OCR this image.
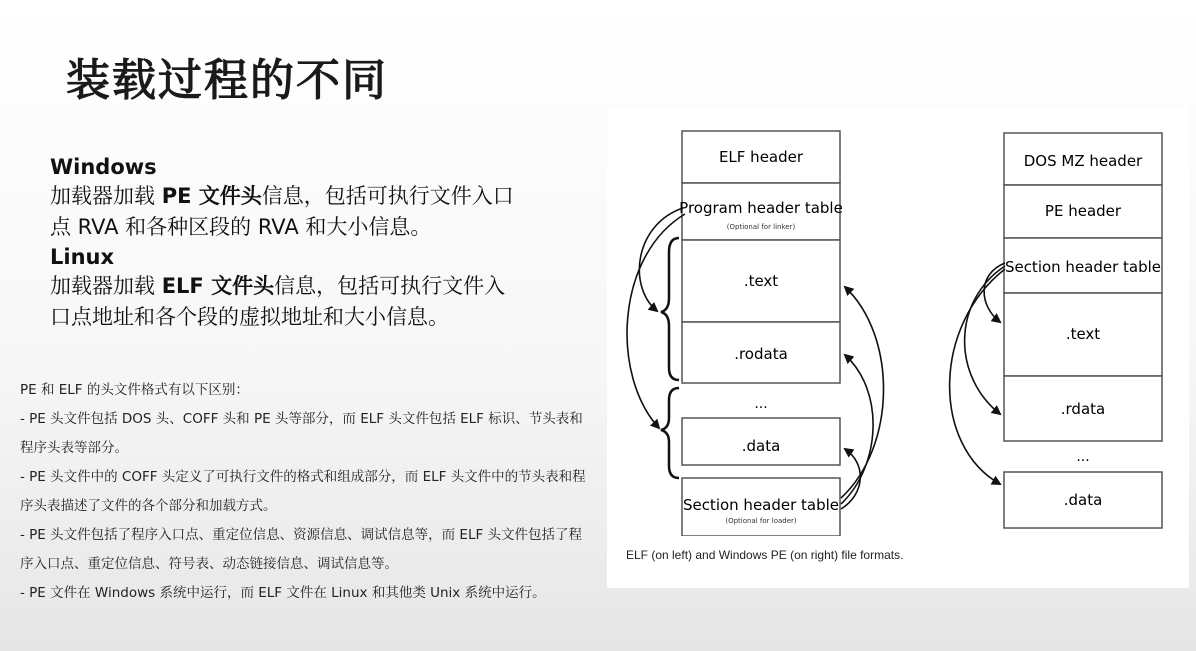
装载过程的不同
Windows
加载器加载 PE 文件头信息，包括可执行文件入口点 RVA 和各种区段的 RVA 和大小信息。
Linux
加载器加载 ELF 文件头信息，包括可执行文件入口点地址和各个段的虚拟地址和大小信息。

PE 和 ELF 的头文件格式有以下区别：

- PE 头文件包括 DOS 头、COFF 头和 PE 头等部分，而 ELF 头文件包括 ELF 标识、节头表和程序头表等部分。

- PE 头文件中的 COFF 头定义了可执行文件的格式和组成部分，而 ELF 头文件中的节头表和程序头表描述了文件的各个部分和加载方式。

- PE 头文件包括了程序入口点、重定位信息、资源信息、调试信息等，而 ELF 头文件包括了程序入口点、重定位信息、符号表、动态链接信息、调试信息等。

- PE 文件在 Windows 系统中运行，而 ELF 文件在 Linux 和其他类 Unix 系统中运行。

ELF header
Program header table
(Optional for linker)
.text
.rodata
...
.data
Section header table
(Optional for loader)
DOS MZ header
PE header
Section header table
.text
.rdata
...
.data
ELF (on left) and Windows PE (on right) file formats.
